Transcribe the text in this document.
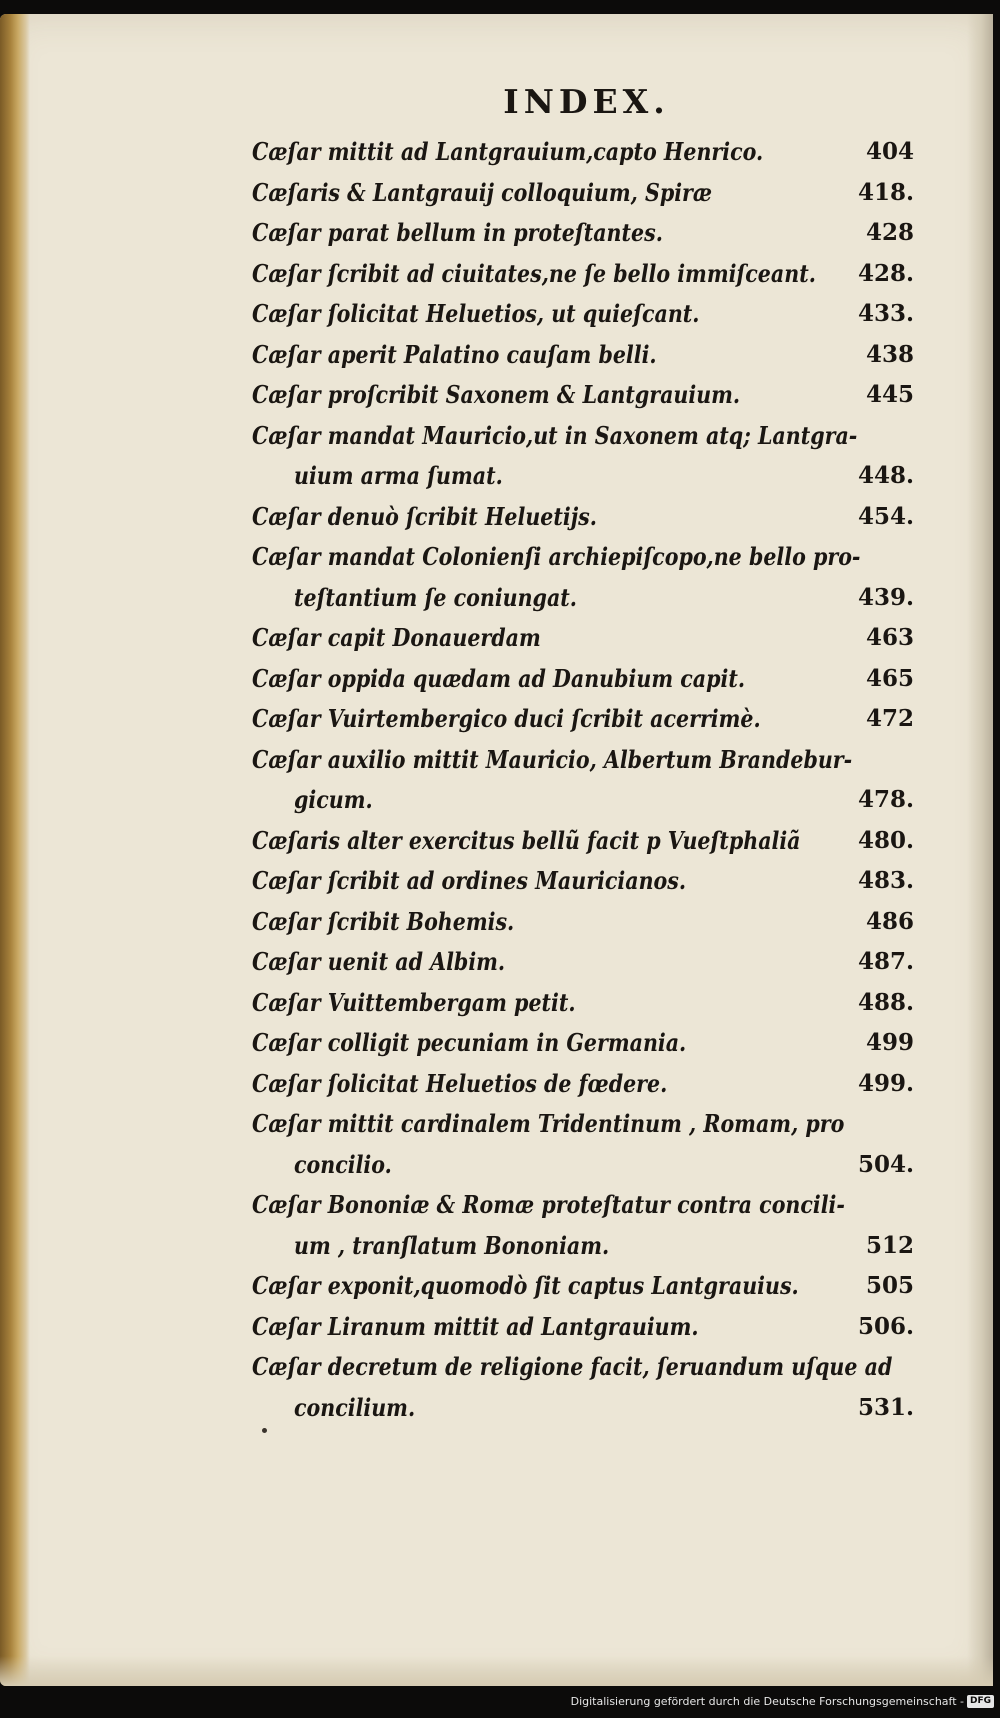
INDEX.
Cæſar mittit ad Lantgrauium,capto Henrico.	404
Cæſaris & Lantgrauij colloquium, Spiræ	418.
Cæſar parat bellum in proteſtantes.	428
Cæſar ſcribit ad ciuitates,ne ſe bello immiſceant. 428.
Cæſar ſolicitat Heluetios, ut quieſcant.	433.
Cæſar aperit Palatino cauſam belli.	438
Cæſar proſcribit Saxonem & Lantgrauium.	445
Cæſar mandat Mauricio,ut in Saxonem atq; Lantgra-
uium arma ſumat.	448.
Cæſar denuò ſcribit Heluetijs.	454.
Cæſar mandat Colonienſi archiepiſcopo,ne bello pro-
teſtantium ſe coniungat.	439.
Cæſar capit Donauerdam	463
Cæſar oppida quædam ad Danubium capit.	465
Cæſar Vuirtembergico duci ſcribit acerrimè.	472
Cæſar auxilio mittit Mauricio, Albertum Brandebur-
gicum.	478.
Cæſaris alter exercitus bellũ facit p Vueſtphaliã 480.
Cæſar ſcribit ad ordines Mauricianos.	483.
Cæſar ſcribit Bohemis.	486
Cæſar uenit ad Albim.	487.
Cæſar Vuittembergam petit.	488.
Cæſar colligit pecuniam in Germania.	499
Cæſar ſolicitat Heluetios de fœdere.	499.
Cæſar mittit cardinalem Tridentinum , Romam, pro
concilio.	504.
Cæſar Bononiæ & Romæ proteſtatur contra concili-
um , tranſlatum Bononiam.	512
Cæſar exponit,quomodò ſit captus Lantgrauius.	505
Cæſar Liranum mittit ad Lantgrauium.	506.
Cæſar decretum de religione facit, ſeruandum uſque ad
concilium.	531.
Digitalisierung gefördert durch die Deutsche Forschungsgemeinschaft - DFG
